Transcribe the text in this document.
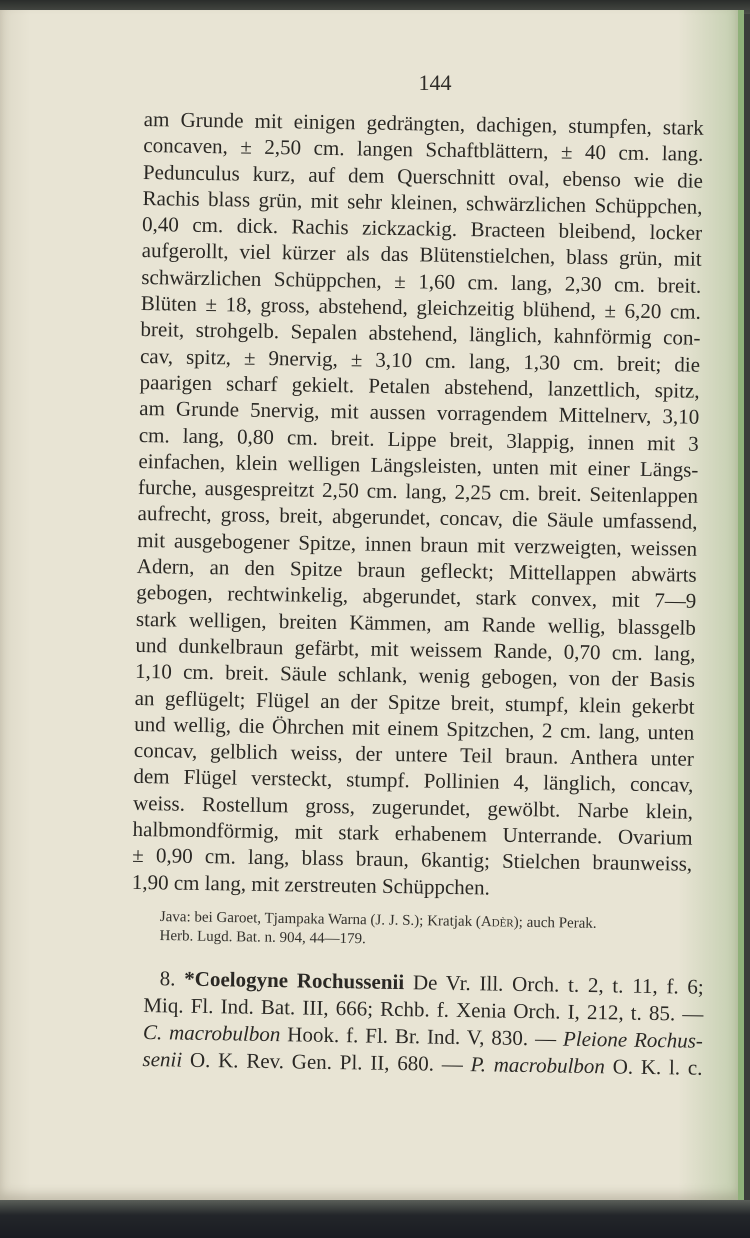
144
am Grunde mit einigen gedrängten, dachigen, stumpfen, stark
concaven, ± 2,50 cm. langen Schaftblättern, ± 40 cm. lang.
Pedunculus kurz, auf dem Querschnitt oval, ebenso wie die
Rachis blass grün, mit sehr kleinen, schwärzlichen Schüppchen,
0,40 cm. dick. Rachis zickzackig. Bracteen bleibend, locker
aufgerollt, viel kürzer als das Blütenstielchen, blass grün, mit
schwärzlichen Schüppchen, ± 1,60 cm. lang, 2,30 cm. breit.
Blüten ± 18, gross, abstehend, gleichzeitig blühend, ± 6,20 cm.
breit, strohgelb. Sepalen abstehend, länglich, kahnförmig con-
cav, spitz, ± 9nervig, ± 3,10 cm. lang, 1,30 cm. breit; die
paarigen scharf gekielt. Petalen abstehend, lanzettlich, spitz,
am Grunde 5nervig, mit aussen vorragendem Mittelnerv, 3,10
cm. lang, 0,80 cm. breit. Lippe breit, 3lappig, innen mit 3
einfachen, klein welligen Längsleisten, unten mit einer Längs-
furche, ausgespreitzt 2,50 cm. lang, 2,25 cm. breit. Seitenlappen
aufrecht, gross, breit, abgerundet, concav, die Säule umfassend,
mit ausgebogener Spitze, innen braun mit verzweigten, weissen
Adern, an den Spitze braun gefleckt; Mittellappen abwärts
gebogen, rechtwinkelig, abgerundet, stark convex, mit 7—9
stark welligen, breiten Kämmen, am Rande wellig, blassgelb
und dunkelbraun gefärbt, mit weissem Rande, 0,70 cm. lang,
1,10 cm. breit. Säule schlank, wenig gebogen, von der Basis
an geflügelt; Flügel an der Spitze breit, stumpf, klein gekerbt
und wellig, die Öhrchen mit einem Spitzchen, 2 cm. lang, unten
concav, gelblich weiss, der untere Teil braun. Anthera unter
dem Flügel versteckt, stumpf. Pollinien 4, länglich, concav,
weiss. Rostellum gross, zugerundet, gewölbt. Narbe klein,
halbmondförmig, mit stark erhabenem Unterrande. Ovarium
± 0,90 cm. lang, blass braun, 6kantig; Stielchen braunweiss,
1,90 cm lang, mit zerstreuten Schüppchen.
Java: bei Garoet, Tjampaka Warna (J. J. S.); Kratjak (Adèr); auch Perak.
Herb. Lugd. Bat. n. 904, 44—179.
8. *Coelogyne Rochussenii De Vr. Ill. Orch. t. 2, t. 11, f. 6;
Miq. Fl. Ind. Bat. III, 666; Rchb. f. Xenia Orch. I, 212, t. 85. —
C. macrobulbon Hook. f. Fl. Br. Ind. V, 830. — Pleione Rochus-
senii O. K. Rev. Gen. Pl. II, 680. — P. macrobulbon O. K. l. c.
